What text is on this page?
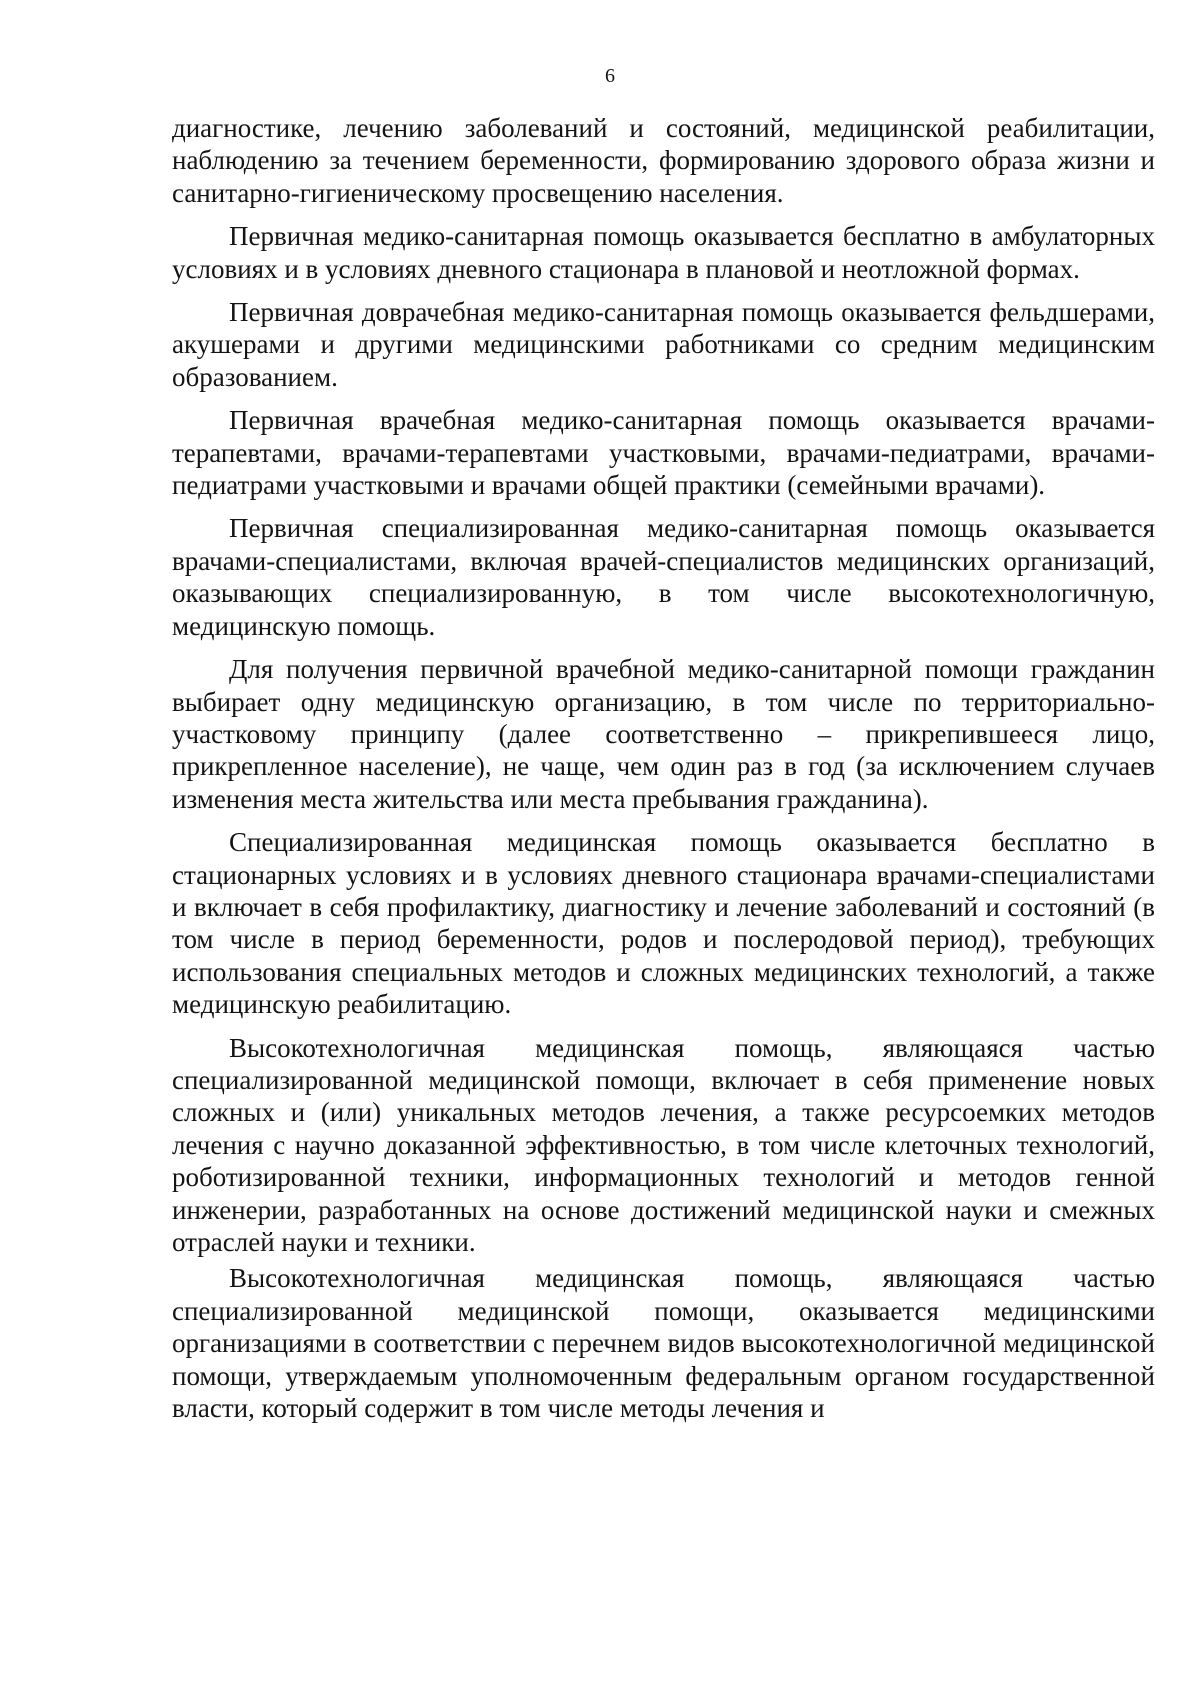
6

диагностике, лечению заболеваний и состояний, медицинской реабилитации, наблюдению за течением беременности, формированию здорового образа жизни и санитарно-гигиеническому просвещению населения.

Первичная медико-санитарная помощь оказывается бесплатно в амбулаторных условиях и в условиях дневного стационара в плановой и неотложной формах.

Первичная доврачебная медико-санитарная помощь оказывается фельдшерами, акушерами и другими медицинскими работниками со средним медицинским образованием.

Первичная врачебная медико-санитарная помощь оказывается врачами-терапевтами, врачами-терапевтами участковыми, врачами-педиатрами, врачами-педиатрами участковыми и врачами общей практики (семейными врачами).

Первичная специализированная медико-санитарная помощь оказывается врачами-специалистами, включая врачей-специалистов медицинских организаций, оказывающих специализированную, в том числе высокотехнологичную, медицинскую помощь.

Для получения первичной врачебной медико-санитарной помощи гражданин выбирает одну медицинскую организацию, в том числе по территориально-участковому принципу (далее соответственно – прикрепившееся лицо, прикрепленное население), не чаще, чем один раз в год (за исключением случаев изменения места жительства или места пребывания гражданина).

Специализированная медицинская помощь оказывается бесплатно в стационарных условиях и в условиях дневного стационара врачами-специалистами и включает в себя профилактику, диагностику и лечение заболеваний и состояний (в том числе в период беременности, родов и послеродовой период), требующих использования специальных методов и сложных медицинских технологий, а также медицинскую реабилитацию.

Высокотехнологичная медицинская помощь, являющаяся частью специализированной медицинской помощи, включает в себя применение новых сложных и (или) уникальных методов лечения, а также ресурсоемких методов лечения с научно доказанной эффективностью, в том числе клеточных технологий, роботизированной техники, информационных технологий и методов генной инженерии, разработанных на основе достижений медицинской науки и смежных отраслей науки и техники.

Высокотехнологичная медицинская помощь, являющаяся частью специализированной медицинской помощи, оказывается медицинскими организациями в соответствии с перечнем видов высокотехнологичной медицинской помощи, утверждаемым уполномоченным федеральным органом государственной власти, который содержит в том числе методы лечения и
